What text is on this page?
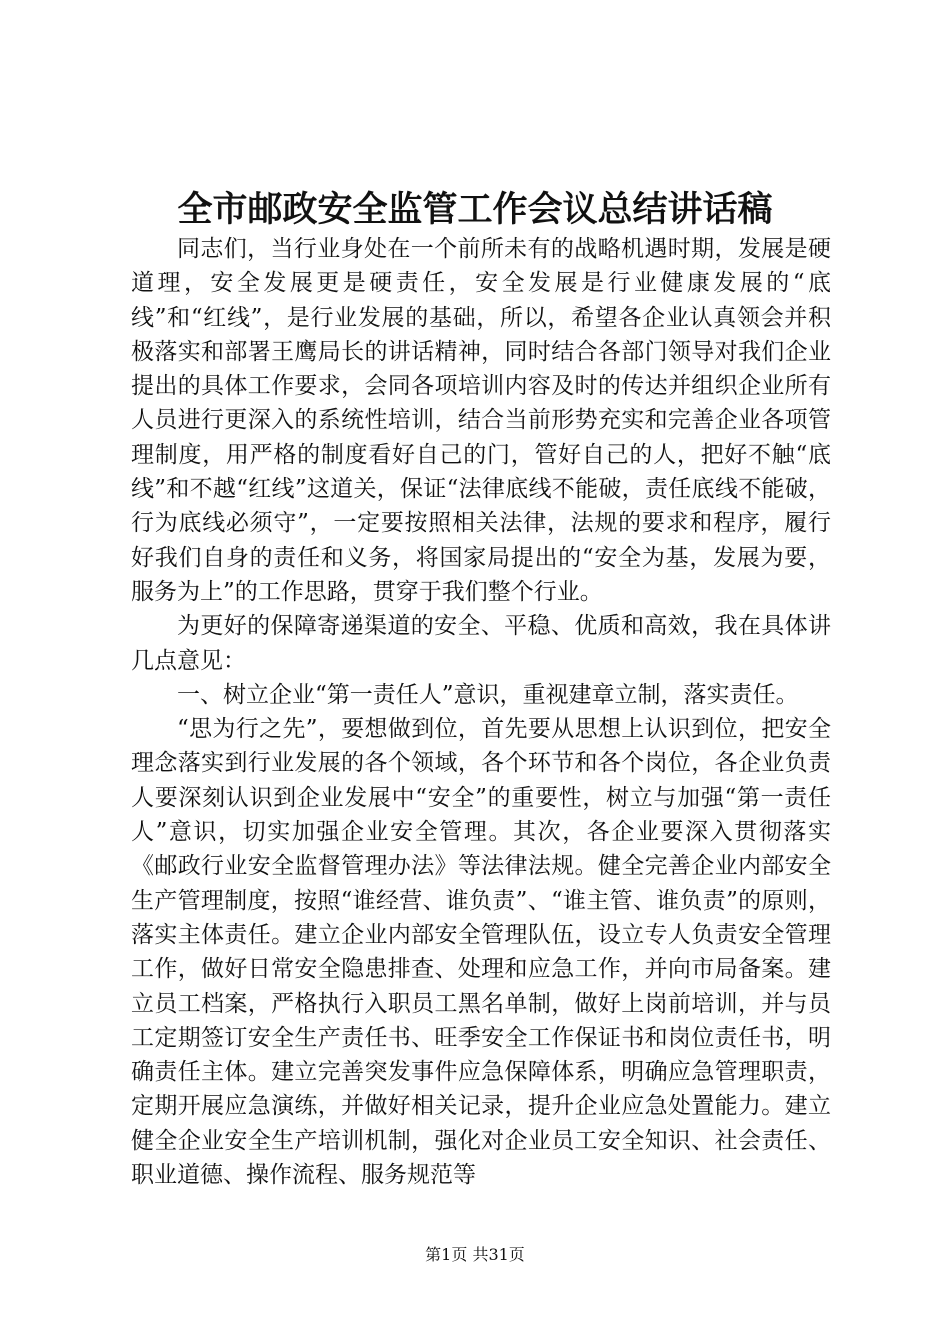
全市邮政安全监管工作会议总结讲话稿

同志们，当行业身处在一个前所未有的战略机遇时期，发展是硬道理，安全发展更是硬责任，安全发展是行业健康发展的“底线”和“红线”，是行业发展的基础，所以，希望各企业认真领会并积极落实和部署王鹰局长的讲话精神，同时结合各部门领导对我们企业提出的具体工作要求，会同各项培训内容及时的传达并组织企业所有人员进行更深入的系统性培训，结合当前形势充实和完善企业各项管理制度，用严格的制度看好自己的门，管好自己的人，把好不触“底线”和不越“红线”这道关，保证“法律底线不能破，责任底线不能破，行为底线必须守”，一定要按照相关法律，法规的要求和程序，履行好我们自身的责任和义务，将国家局提出的“安全为基，发展为要，服务为上”的工作思路，贯穿于我们整个行业。

为更好的保障寄递渠道的安全、平稳、优质和高效，我在具体讲几点意见：

一、树立企业“第一责任人”意识，重视建章立制，落实责任。

“思为行之先”，要想做到位，首先要从思想上认识到位，把安全理念落实到行业发展的各个领域，各个环节和各个岗位，各企业负责人要深刻认识到企业发展中“安全”的重要性，树立与加强“第一责任人”意识，切实加强企业安全管理。其次，各企业要深入贯彻落实《邮政行业安全监督管理办法》等法律法规。健全完善企业内部安全生产管理制度，按照“谁经营、谁负责”、“谁主管、谁负责”的原则，落实主体责任。建立企业内部安全管理队伍，设立专人负责安全管理工作，做好日常安全隐患排查、处理和应急工作，并向市局备案。建立员工档案，严格执行入职员工黑名单制，做好上岗前培训，并与员工定期签订安全生产责任书、旺季安全工作保证书和岗位责任书，明确责任主体。建立完善突发事件应急保障体系，明确应急管理职责，定期开展应急演练，并做好相关记录，提升企业应急处置能力。建立健全企业安全生产培训机制，强化对企业员工安全知识、社会责任、职业道德、操作流程、服务规范等

第1页 共31页
